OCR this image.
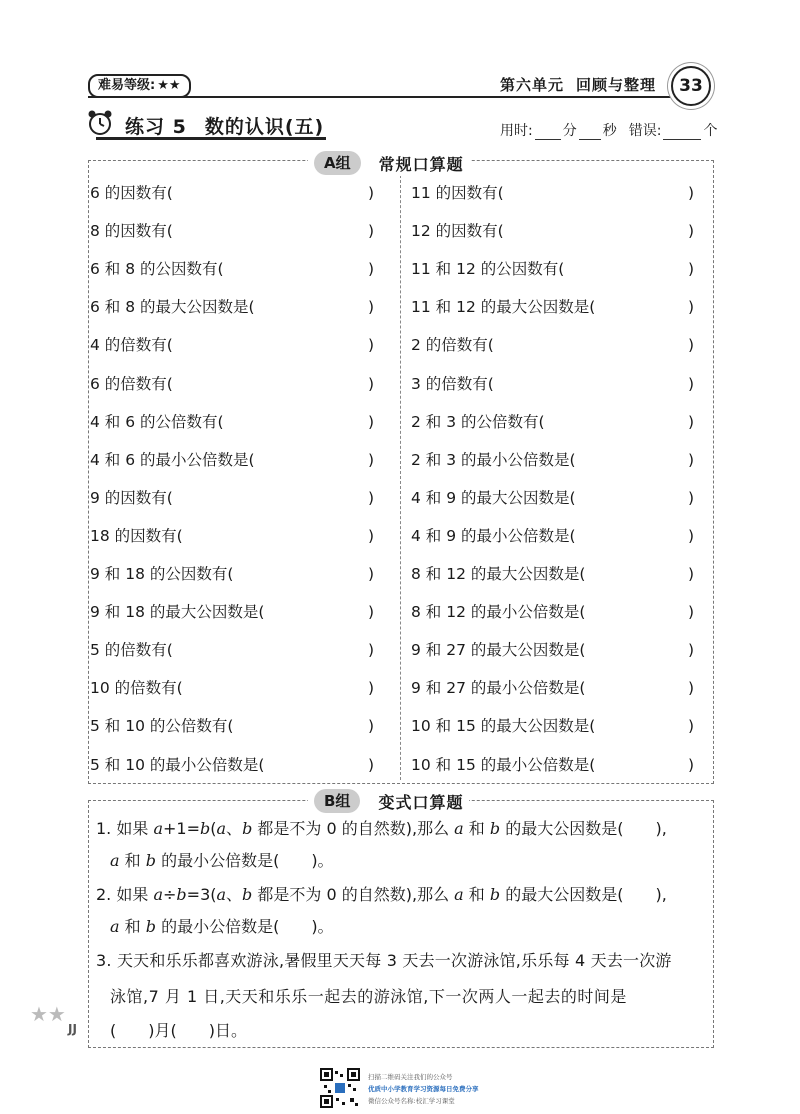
难易等级: ★★	第六单元 回顾与整理	33
练习 5 数的认识(五)	用时: 分 秒 错误:	个
A组	常规口算题
6 的因数有(	)
8 的因数有(	)
6 和 8 的公因数有(	)
6 和 8 的最大公因数是(	)
4 的倍数有(	)
6 的倍数有(	)
4 和 6 的公倍数有(	)
4 和 6 的最小公倍数是(	)
9 的因数有(	)
18 的因数有(	)
9 和 18 的公因数有(	)
9 和 18 的最大公因数是(	)
5 的倍数有(	)
10 的倍数有(	)
5 和 10 的公倍数有(	)
5 和 10 的最小公倍数是(	)
11 的因数有(	)
12 的因数有(	)
11 和 12 的公因数有(	)
11 和 12 的最大公因数是(	)
2 的倍数有(	)
3 的倍数有(	)
2 和 3 的公倍数有(	)
2 和 3 的最小公倍数是(	)
4 和 9 的最大公因数是(	)
4 和 9 的最小公倍数是(	)
8 和 12 的最大公因数是(	)
8 和 12 的最小公倍数是(	)
9 和 27 的最大公因数是(	)
9 和 27 的最小公倍数是(	)
10 和 15 的最大公因数是(	)
10 和 15 的最小公倍数是(	)
B组	变式口算题
1. 如果 a+1=b(a、b 都是不为 0 的自然数),那么 a 和 b 的最大公因数是(　　),
a 和 b 的最小公倍数是(　　)。
2. 如果 a÷b=3(a、b 都是不为 0 的自然数),那么 a 和 b 的最大公因数是(　　),
a 和 b 的最小公倍数是(　　)。
3. 天天和乐乐都喜欢游泳,暑假里天天每 3 天去一次游泳馆,乐乐每 4 天去一次游
泳馆,7 月 1 日,天天和乐乐一起去的游泳馆,下一次两人一起去的时间是
(　　)月(　　)日。
★★
JJ
扫描二维码关注我们的公众号
优质中小学教育学习资源每日免费分享
微信公众号名称:校汇学习课堂
